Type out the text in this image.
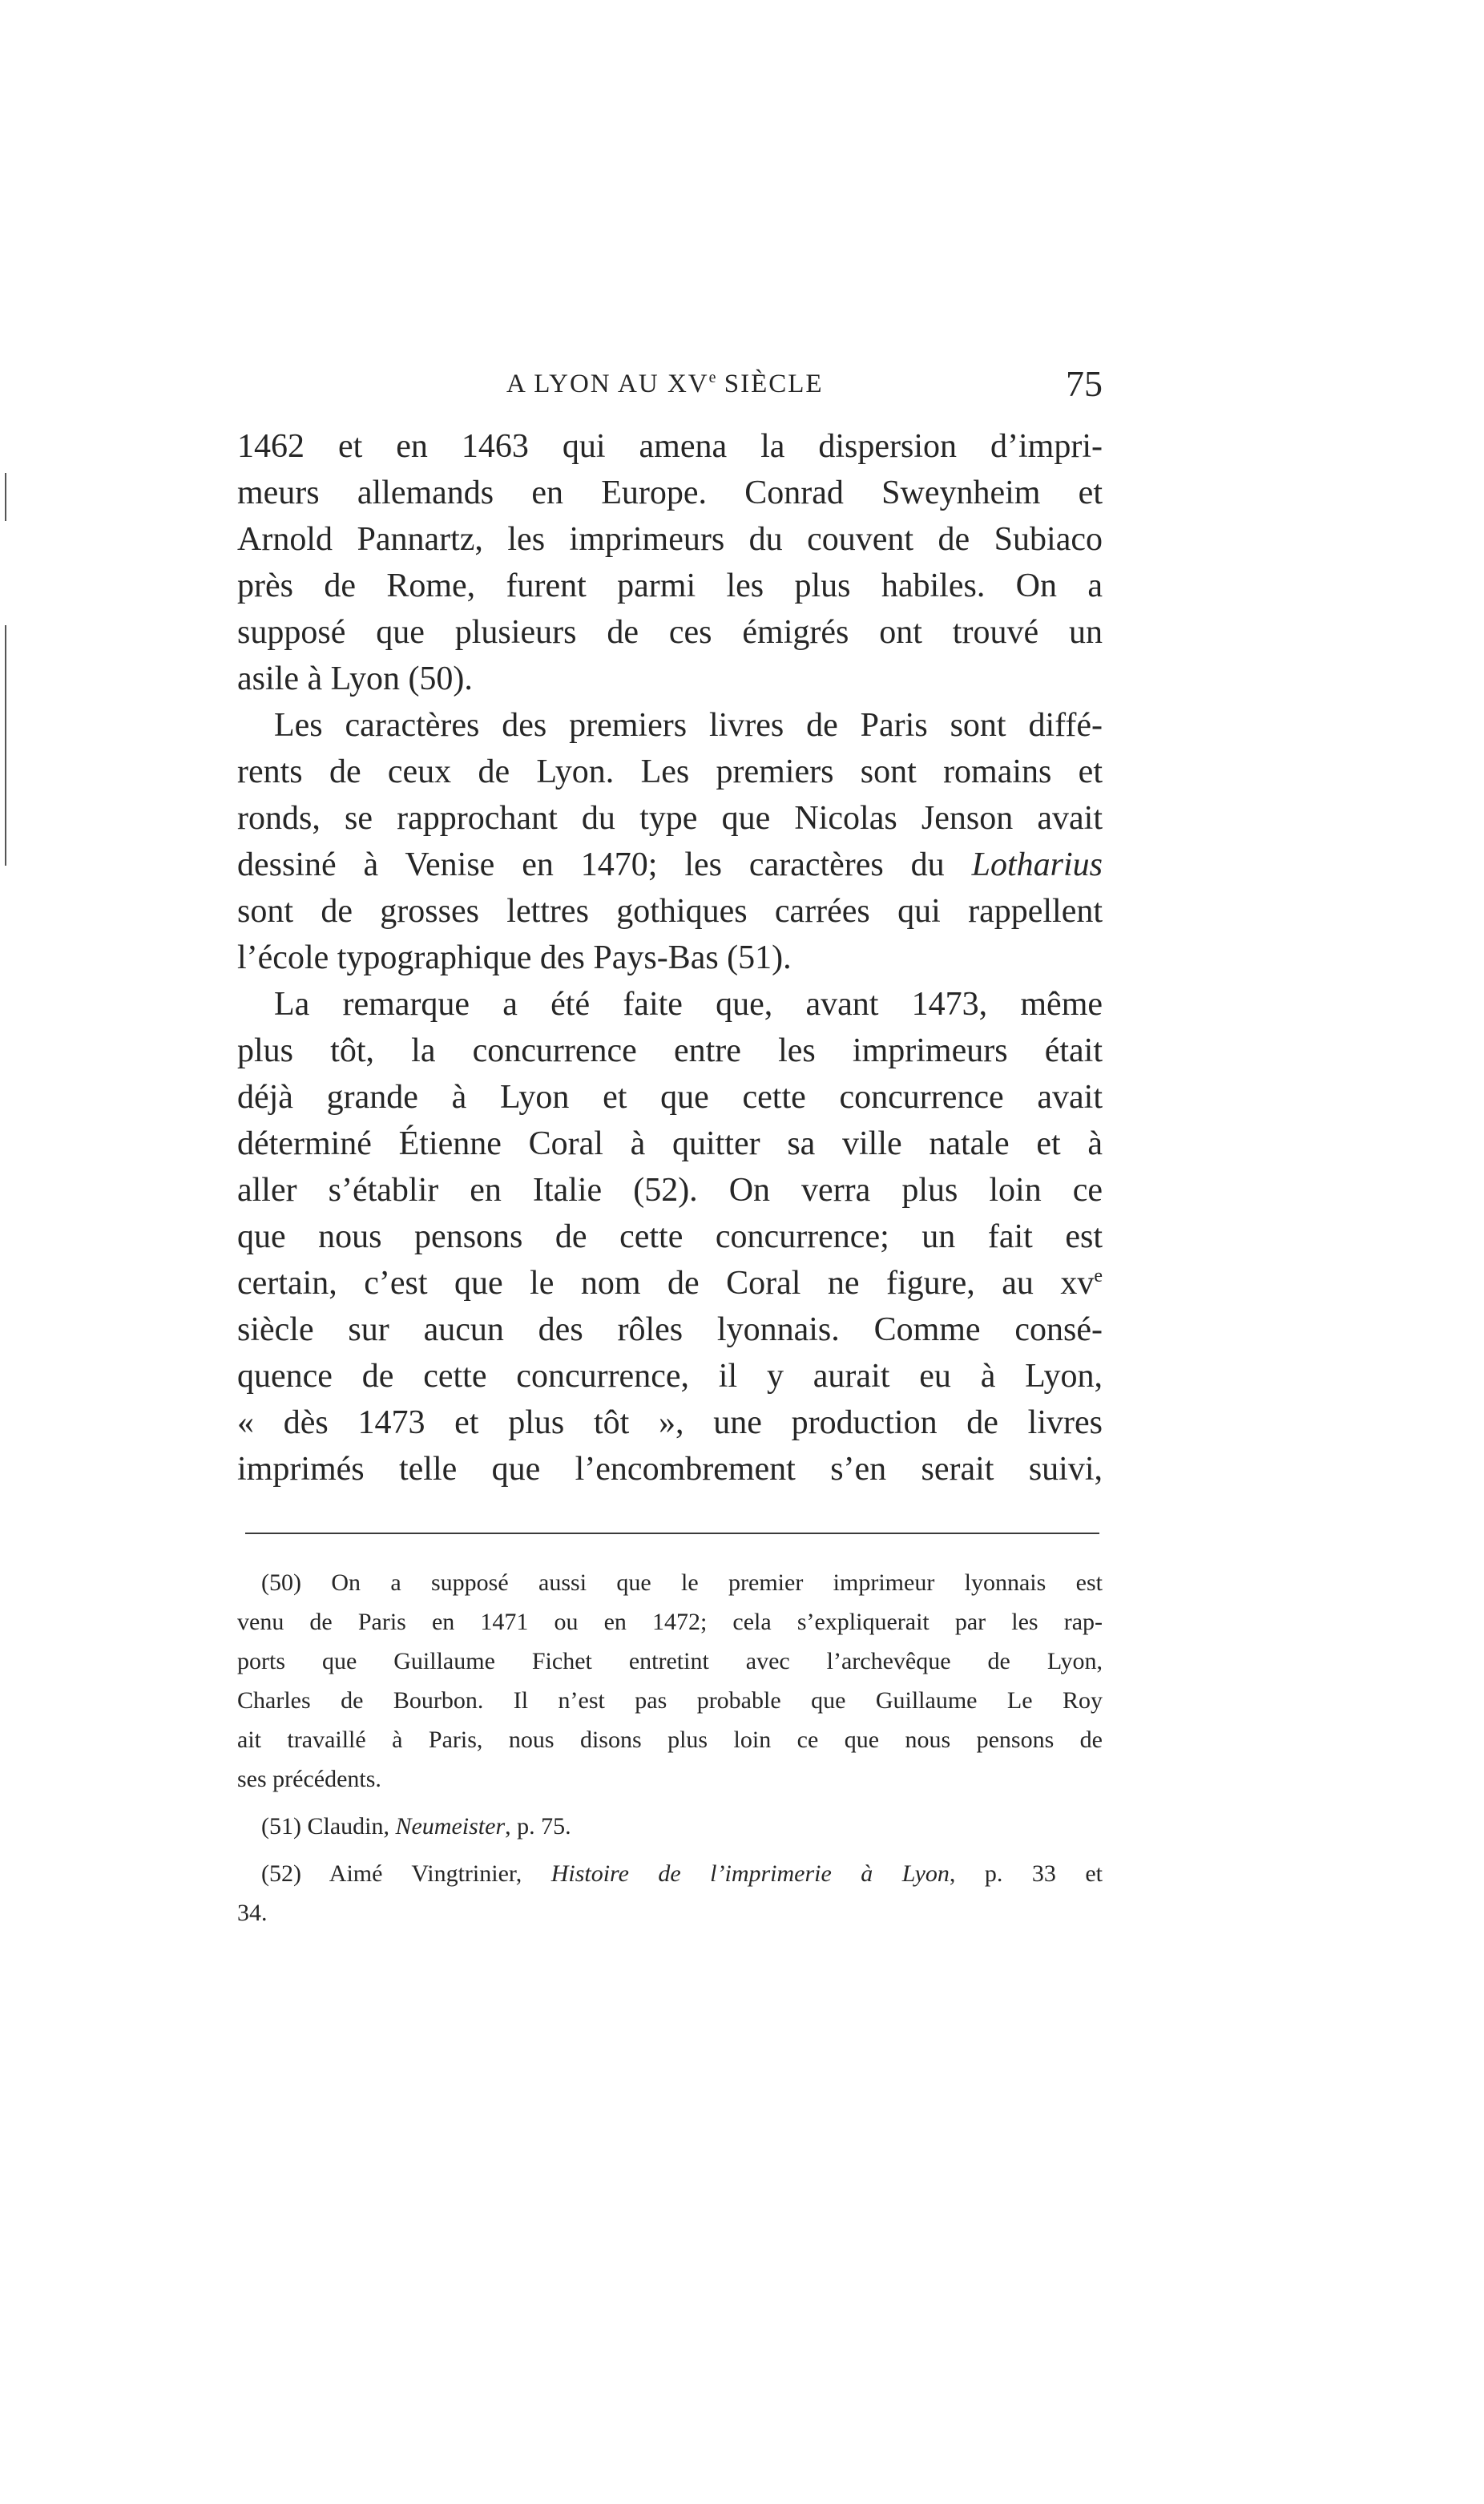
A LYON AU XVe SIÈCLE	75
1462 et en 1463 qui amena la dispersion d’impri-
meurs allemands en Europe. Conrad Sweynheim et
Arnold Pannartz, les imprimeurs du couvent de Subiaco
près de Rome, furent parmi les plus habiles. On a
supposé que plusieurs de ces émigrés ont trouvé un
asile à Lyon (50).
Les caractères des premiers livres de Paris sont diffé-
rents de ceux de Lyon. Les premiers sont romains et
ronds, se rapprochant du type que Nicolas Jenson avait
dessiné à Venise en 1470; les caractères du Lotharius
sont de grosses lettres gothiques carrées qui rappellent
l’école typographique des Pays-Bas (51).
La remarque a été faite que, avant 1473, même
plus tôt, la concurrence entre les imprimeurs était
déjà grande à Lyon et que cette concurrence avait
déterminé Étienne Coral à quitter sa ville natale et à
aller s’établir en Italie (52). On verra plus loin ce
que nous pensons de cette concurrence; un fait est
certain, c’est que le nom de Coral ne figure, au $xv^e$
siècle sur aucun des rôles lyonnais. Comme consé-
quence de cette concurrence, il y aurait eu à Lyon,
« dès 1473 et plus tôt », une production de livres
imprimés telle que l’encombrement s’en serait suivi,
(50) On a supposé aussi que le premier imprimeur lyonnais est
venu de Paris en 1471 ou en 1472; cela s’expliquerait par les rap-
ports que Guillaume Fichet entretint avec l’archevêque de Lyon,
Charles de Bourbon. Il n’est pas probable que Guillaume Le Roy
ait travaillé à Paris, nous disons plus loin ce que nous pensons de
ses précédents.
(51) Claudin, Neumeister, p. 75.
(52) Aimé Vingtrinier, Histoire de l’imprimerie à Lyon, p. 33 et
34.
